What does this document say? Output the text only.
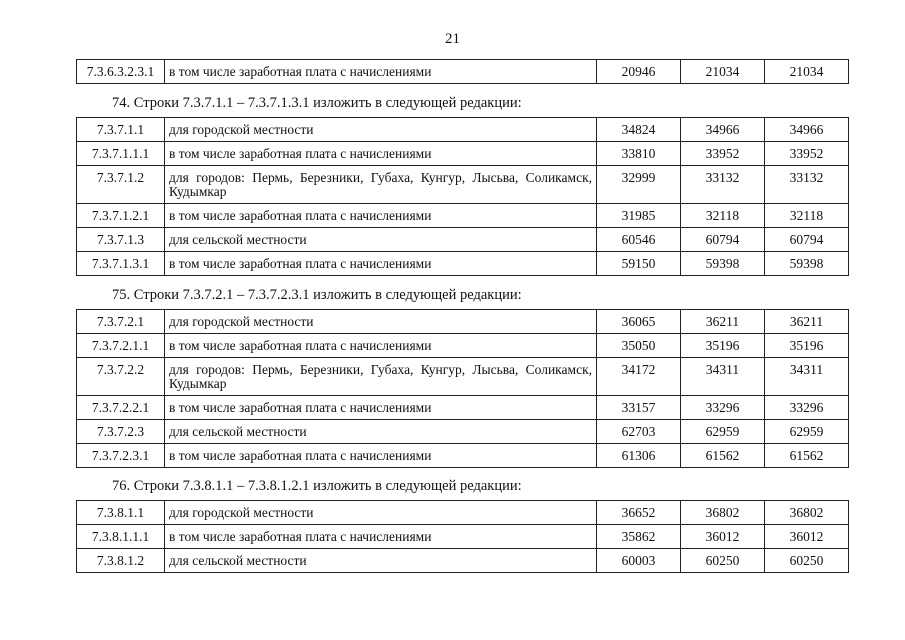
21
7.3.6.3.2.3.1	в том числе заработная плата с начислениями	20946	21034	21034
74. Строки 7.3.7.1.1 – 7.3.7.1.3.1 изложить в следующей редакции:
7.3.7.1.1	для городской местности	34824	34966	34966
7.3.7.1.1.1	в том числе заработная плата с начислениями	33810	33952	33952
7.3.7.1.2	для городов: Пермь, Березники, Губаха, Кунгур, Лысьва, Соликамск, Кудымкар	32999	33132	33132
7.3.7.1.2.1	в том числе заработная плата с начислениями	31985	32118	32118
7.3.7.1.3	для сельской местности	60546	60794	60794
7.3.7.1.3.1	в том числе заработная плата с начислениями	59150	59398	59398
75. Строки 7.3.7.2.1 – 7.3.7.2.3.1 изложить в следующей редакции:
7.3.7.2.1	для городской местности	36065	36211	36211
7.3.7.2.1.1	в том числе заработная плата с начислениями	35050	35196	35196
7.3.7.2.2	для городов: Пермь, Березники, Губаха, Кунгур, Лысьва, Соликамск, Кудымкар	34172	34311	34311
7.3.7.2.2.1	в том числе заработная плата с начислениями	33157	33296	33296
7.3.7.2.3	для сельской местности	62703	62959	62959
7.3.7.2.3.1	в том числе заработная плата с начислениями	61306	61562	61562
76. Строки 7.3.8.1.1 – 7.3.8.1.2.1 изложить в следующей редакции:
7.3.8.1.1	для городской местности	36652	36802	36802
7.3.8.1.1.1	в том числе заработная плата с начислениями	35862	36012	36012
7.3.8.1.2	для сельской местности	60003	60250	60250
